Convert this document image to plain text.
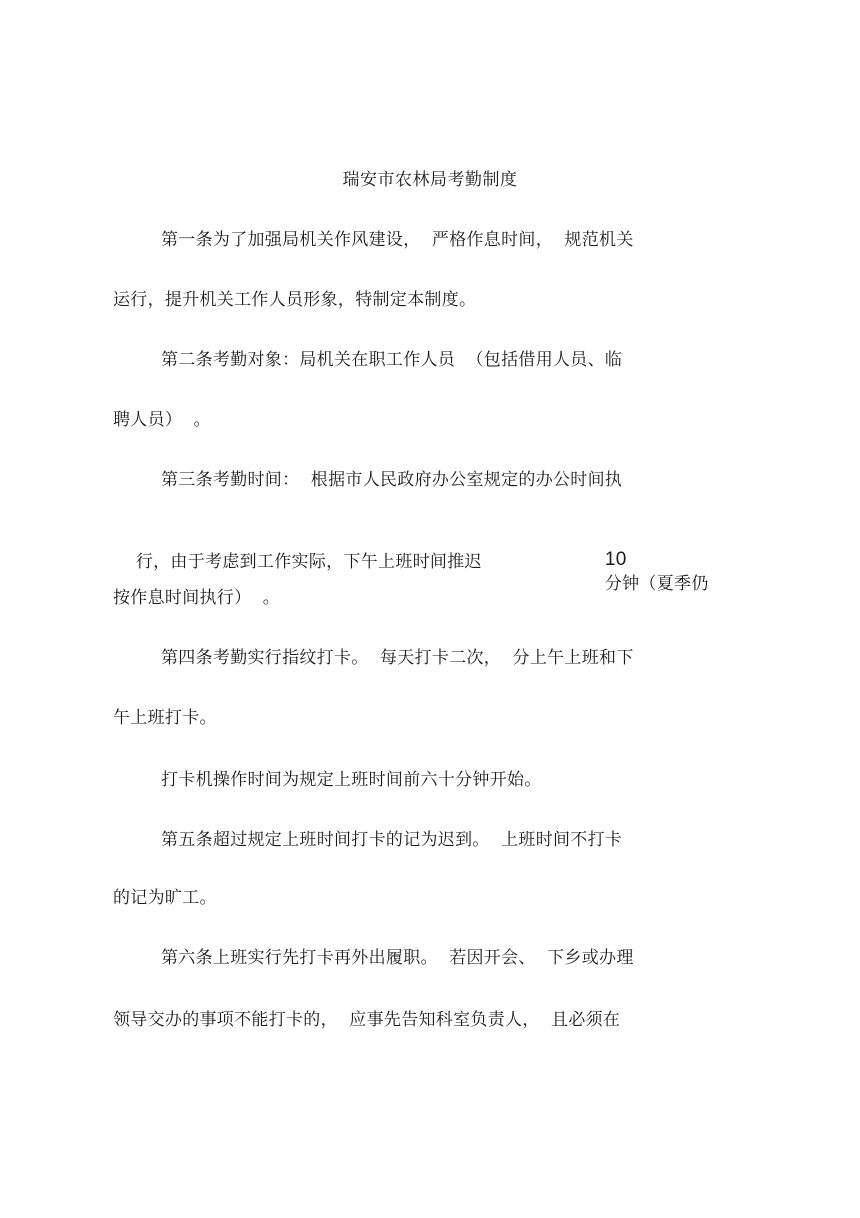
瑞安市农林局考勤制度
第一条为了加强局机关作风建设，  严格作息时间，  规范机关
运行，提升机关工作人员形象，特制定本制度。
第二条考勤对象：局机关在职工作人员  （包括借用人员、临
聘人员）  。
第三条考勤时间：  根据市人民政府办公室规定的办公时间执

行，由于考虑到工作实际，下午上班时间推迟
	10
分钟（夏季仍

按作息时间执行）  。
第四条考勤实行指纹打卡。  每天打卡二次，  分上午上班和下
午上班打卡。
打卡机操作时间为规定上班时间前六十分钟开始。
第五条超过规定上班时间打卡的记为迟到。  上班时间不打卡
的记为旷工。
第六条上班实行先打卡再外出履职。  若因开会、  下乡或办理
领导交办的事项不能打卡的，  应事先告知科室负责人，  且必须在
